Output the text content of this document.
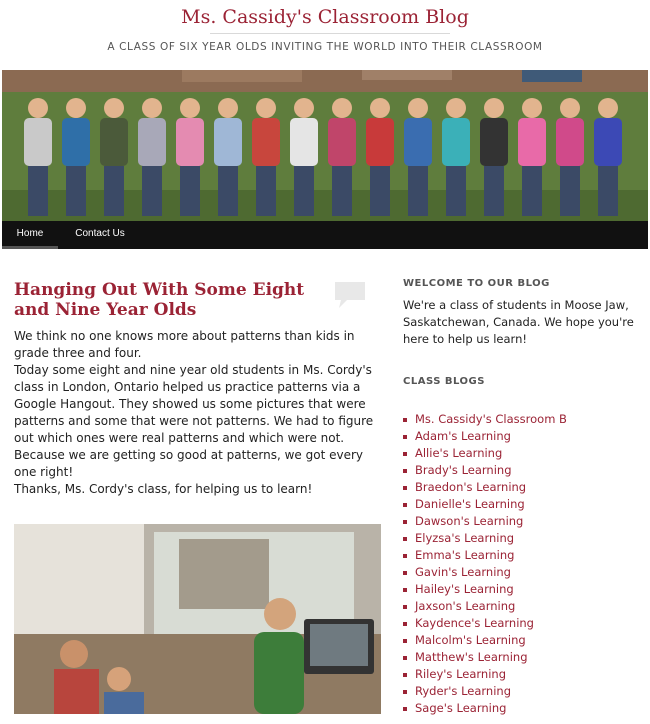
Ms. Cassidy's Classroom Blog
A CLASS OF SIX YEAR OLDS INVITING THE WORLD INTO THEIR CLASSROOM
Home	Contact Us
Hanging Out With Some Eight and Nine Year Olds

We think no one knows more about patterns than kids in grade three and four.

Today some eight and nine year old students in Ms. Cordy's class in London, Ontario helped us practice patterns via a Google Hangout. They showed us some pictures that were patterns and some that were not patterns. We had to figure out which ones were real patterns and which were not.

Because we are getting so good at patterns, we got every one right!

Thanks, Ms. Cordy's class, for helping us to learn!

WELCOME TO OUR BLOG
We're a class of students in Moose Jaw, Saskatchewan, Canada. We hope you're here to help us learn!
CLASS BLOGS
Ms. Cassidy's Classroom B
Adam's Learning
Allie's Learning
Brady's Learning
Braedon's Learning
Danielle's Learning
Dawson's Learning
Elyzsa's Learning
Emma's Learning
Gavin's Learning
Hailey's Learning
Jaxson's Learning
Kaydence's Learning
Malcolm's Learning
Matthew's Learning
Riley's Learning
Ryder's Learning
Sage's Learning
